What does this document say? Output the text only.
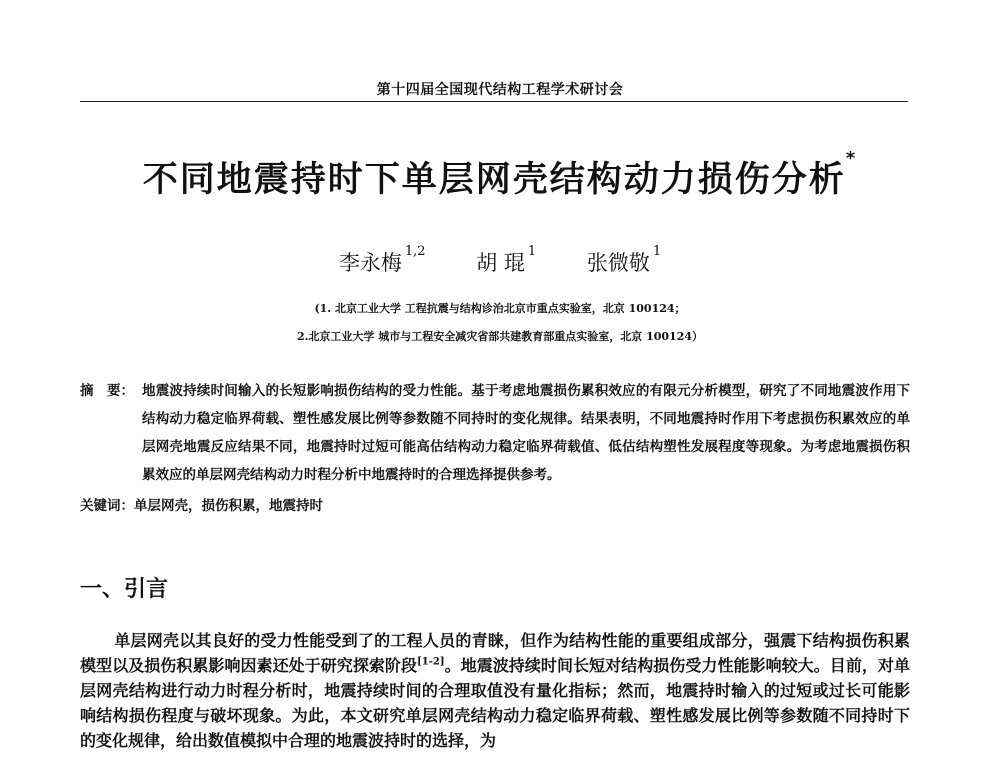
第十四届全国现代结构工程学术研讨会
不同地震持时下单层网壳结构动力损伤分析*
李永梅 $^{1,2}$ 胡 琨 $^1$ 张微敬 $^1$
(1. 北京工业大学 工程抗震与结构诊治北京市重点实验室，北京 100124；
2.北京工业大学 城市与工程安全减灾省部共建教育部重点实验室，北京 100124）
摘　要： 地震波持续时间输入的长短影响损伤结构的受力性能。基于考虑地震损伤累积效应的有限元分析模型，研究了不同地震波作用下结构动力稳定临界荷载、塑性感发展比例等参数随不同持时的变化规律。结果表明，不同地震持时作用下考虑损伤积累效应的单层网壳地震反应结果不同，地震持时过短可能高估结构动力稳定临界荷载值、低估结构塑性发展程度等现象。为考虑地震损伤积累效应的单层网壳结构动力时程分析中地震持时的合理选择提供参考。
关键词：单层网壳，损伤积累，地震持时
一、引言
单层网壳以其良好的受力性能受到了的工程人员的青睐，但作为结构性能的重要组成部分，强震下结构损伤积累模型以及损伤积累影响因素还处于研究探索阶段[1-2]。地震波持续时间长短对结构损伤受力性能影响较大。目前，对单层网壳结构进行动力时程分析时，地震持续时间的合理取值没有量化指标；然而，地震持时输入的过短或过长可能影响结构损伤程度与破坏现象。为此，本文研究单层网壳结构动力稳定临界荷载、塑性感发展比例等参数随不同持时下的变化规律，给出数值模拟中合理的地震波持时的选择，为
